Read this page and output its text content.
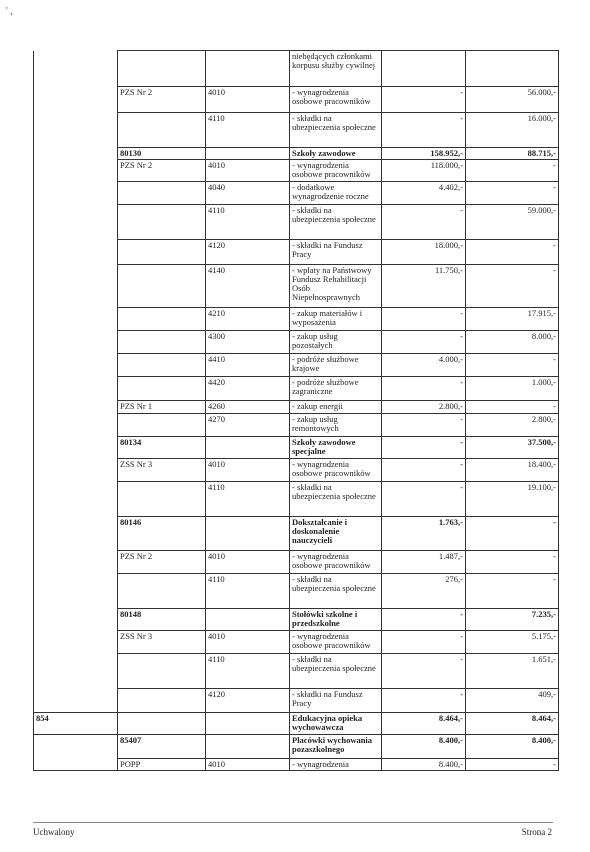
' ,
			niebędących członkami korpusu służby cywilnej		
	PZS Nr 2	4010	- wynagrodzenia osobowe pracowników	-	56.000,-
		4110	- składki na ubezpieczenia społeczne	-	16.000,-
	80130		Szkoły zawodowe	158.952,-	88.715,-
	PZS Nr 2	4010	- wynagrodzenia osobowe pracowników	118.000,-	-
		4040	- dodatkowe wynagrodzenie roczne	4.402,-	-
		4110	- składki na ubezpieczenia społeczne	-	59.000,-
		4120	- składki na Fundusz Pracy	18.000,-	-
		4140	- wpłaty na Państwowy Fundusz Rehabilitacji Osób Niepełnosprawnych	11.750,-	-
		4210	- zakup materiałów i wyposażenia	-	17.915,-
		4300	- zakup usług pozostałych	-	8.000,-
		4410	- podróże służbowe krajowe	4.000,-	-
		4420	- podróże służbowe zagraniczne	-	1.000,-
	PZS Nr 1	4260	- zakup energii	2.800,-	-
		4270	- zakup usług remontowych	-	2.800,-
	80134		Szkoły zawodowe specjalne	-	37.500,-
	ZSS Nr 3	4010	- wynagrodzenia osobowe pracowników	-	18.400,-
		4110	- składki na ubezpieczenia społeczne	-	19.100,-
	80146		Dokształcanie i doskonalenie nauczycieli	1.763,-	-
	PZS Nr 2	4010	- wynagrodzenia osobowe pracowników	1.487,-	-
		4110	- składki na ubezpieczenia społeczne	276,-	-
	80148		Stołówki szkolne i przedszkolne	-	7.235,-
	ZSS Nr 3	4010	- wynagrodzenia osobowe pracowników	-	5.175,-
		4110	- składki na ubezpieczenia społeczne	-	1.651,-
		4120	- składki na Fundusz Pracy	-	409,-
854			Edukacyjna opieka wychowawcza	8.464,-	8.464,-
	85407		Placówki wychowania pozaszkolnego	8.400,-	8.400,-
	POPP	4010	- wynagrodzenia	8.400,-	-
Uchwalony	Strona 2
